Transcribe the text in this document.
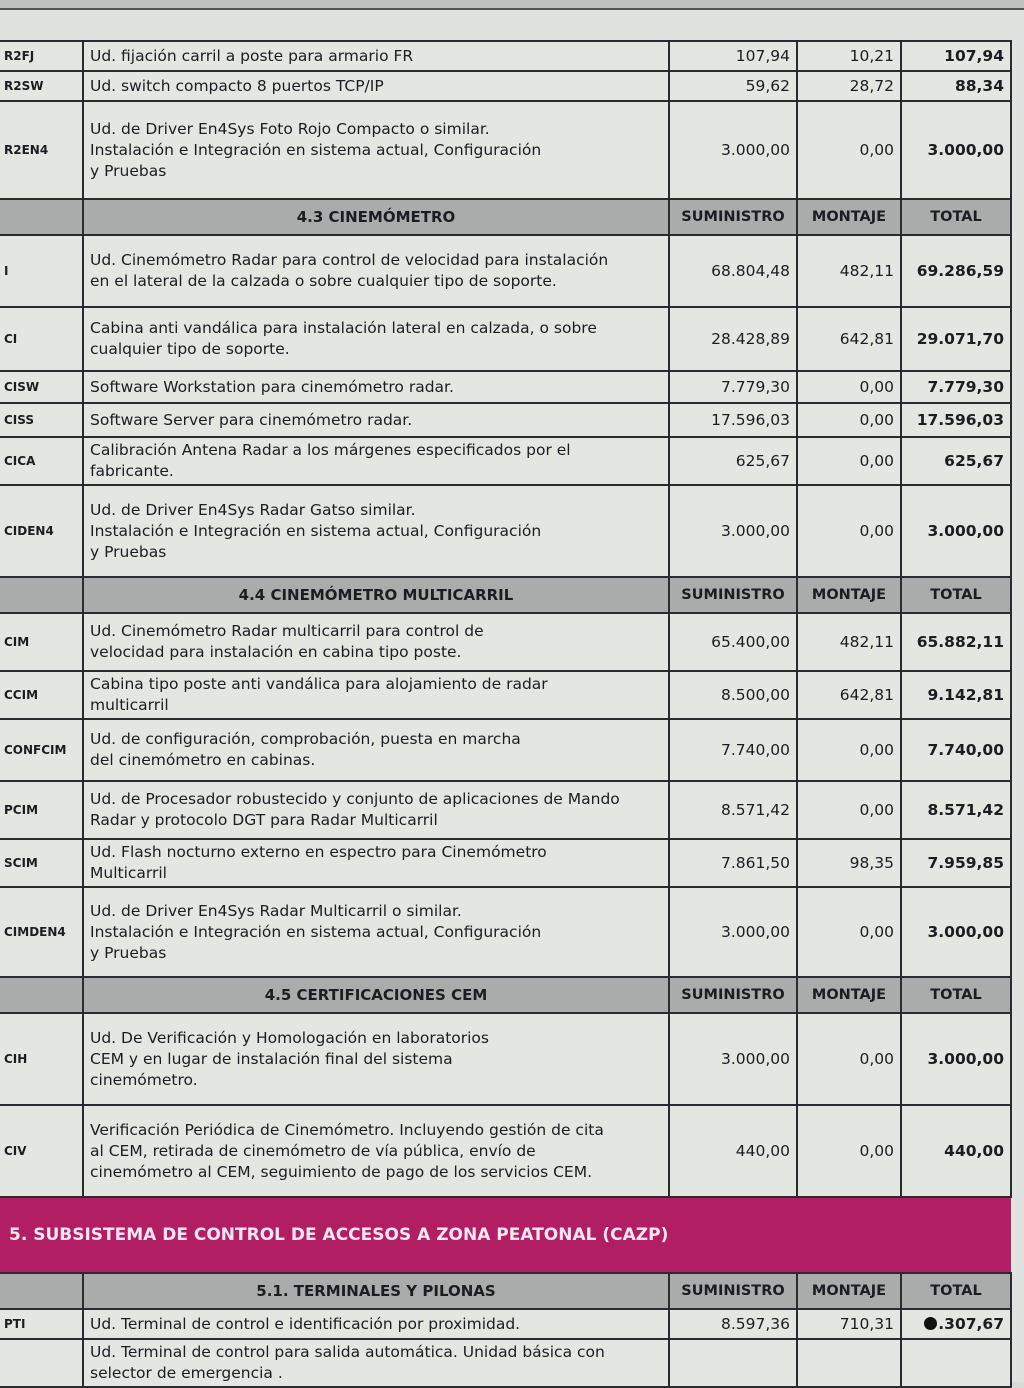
R2FJ	Ud. fijación carril a poste para armario FR	107,94	10,21	107,94
R2SW	Ud. switch compacto 8 puertos TCP/IP	59,62	28,72	88,34
R2EN4	Ud. de Driver En4Sys Foto Rojo Compacto o similar.
Instalación e Integración en sistema actual, Configuración
y Pruebas	3.000,00	0,00	3.000,00
	4.3 CINEMÓMETRO	SUMINISTRO	MONTAJE	TOTAL
I	Ud. Cinemómetro Radar para control de velocidad para instalación
en el lateral de la calzada o sobre cualquier tipo de soporte.	68.804,48	482,11	69.286,59
CI	Cabina anti vandálica para instalación lateral en calzada, o sobre
cualquier tipo de soporte.	28.428,89	642,81	29.071,70
CISW	Software Workstation para cinemómetro radar.	7.779,30	0,00	7.779,30
CISS	Software Server para cinemómetro radar.	17.596,03	0,00	17.596,03
CICA	Calibración Antena Radar a los márgenes especificados por el
fabricante.	625,67	0,00	625,67
CIDEN4	Ud. de Driver En4Sys Radar Gatso similar.
Instalación e Integración en sistema actual, Configuración
y Pruebas	3.000,00	0,00	3.000,00
	4.4 CINEMÓMETRO MULTICARRIL	SUMINISTRO	MONTAJE	TOTAL
CIM	Ud. Cinemómetro Radar multicarril para control de
velocidad para instalación en cabina tipo poste.	65.400,00	482,11	65.882,11
CCIM	Cabina tipo poste anti vandálica para alojamiento de radar
multicarril	8.500,00	642,81	9.142,81
CONFCIM	Ud. de configuración, comprobación, puesta en marcha
del cinemómetro en cabinas.	7.740,00	0,00	7.740,00
PCIM	Ud. de Procesador robustecido y conjunto de aplicaciones de Mando
Radar y protocolo DGT para Radar Multicarril	8.571,42	0,00	8.571,42
SCIM	Ud. Flash nocturno externo en espectro para Cinemómetro
Multicarril	7.861,50	98,35	7.959,85
CIMDEN4	Ud. de Driver En4Sys Radar Multicarril o similar.
Instalación e Integración en sistema actual, Configuración
y Pruebas	3.000,00	0,00	3.000,00
	4.5 CERTIFICACIONES CEM	SUMINISTRO	MONTAJE	TOTAL
CIH	Ud. De Verificación y Homologación en laboratorios
CEM y en lugar de instalación final del sistema
cinemómetro.	3.000,00	0,00	3.000,00
CIV	Verificación Periódica de Cinemómetro. Incluyendo gestión de cita
al CEM, retirada de cinemómetro de vía pública, envío de
cinemómetro al CEM, seguimiento de pago de los servicios CEM.	440,00	0,00	440,00
5. SUBSISTEMA DE CONTROL DE ACCESOS A ZONA PEATONAL (CAZP)				
	5.1. TERMINALES Y PILONAS	SUMINISTRO	MONTAJE	TOTAL
PTI	Ud. Terminal de control e identificación por proximidad.	8.597,36	710,31	.307,67
	Ud. Terminal de control para salida automática. Unidad básica con
selector de emergencia .			
